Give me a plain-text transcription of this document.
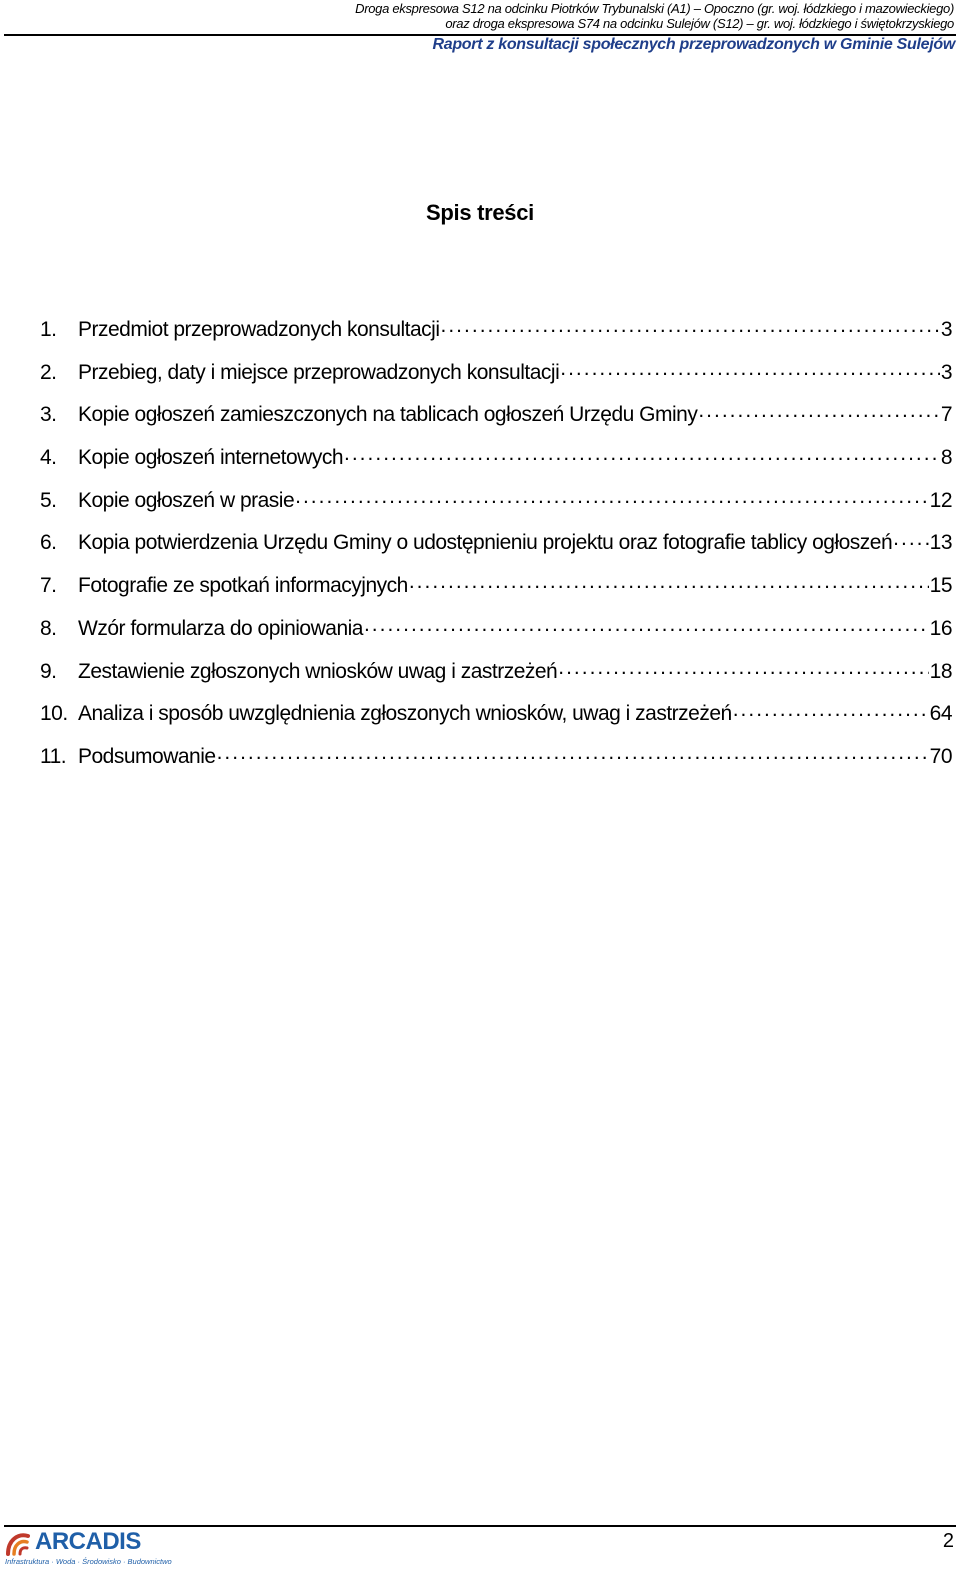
Droga ekspresowa S12 na odcinku Piotrków Trybunalski (A1) – Opoczno (gr. woj. łódzkiego i mazowieckiego)
oraz droga ekspresowa S74 na odcinku Sulejów (S12) – gr. woj. łódzkiego i świętokrzyskiego
Raport z konsultacji społecznych przeprowadzonych w Gminie Sulejów
Spis treści
1.	Przedmiot przeprowadzonych konsultacji .....	3
2.	Przebieg, daty i miejsce przeprowadzonych konsultacji .....	3
3.	Kopie ogłoszeń zamieszczonych na tablicach ogłoszeń Urzędu Gminy .....	7
4.	Kopie ogłoszeń internetowych .....	8
5.	Kopie ogłoszeń w prasie .....	12
6.	Kopia potwierdzenia Urzędu Gminy o udostępnieniu projektu oraz fotografie tablicy ogłoszeń ..... 13
7.	Fotografie ze spotkań informacyjnych .....	15
8.	Wzór formularza do opiniowania .....	16
9.	Zestawienie zgłoszonych wniosków uwag i zastrzeżeń .....	18
10. Analiza i sposób uwzględnienia zgłoszonych wniosków, uwag i zastrzeżeń .....	64
11. Podsumowanie .....	70
ARCADIS
Infrastruktura · Woda · Środowisko · Budownictwo
2
